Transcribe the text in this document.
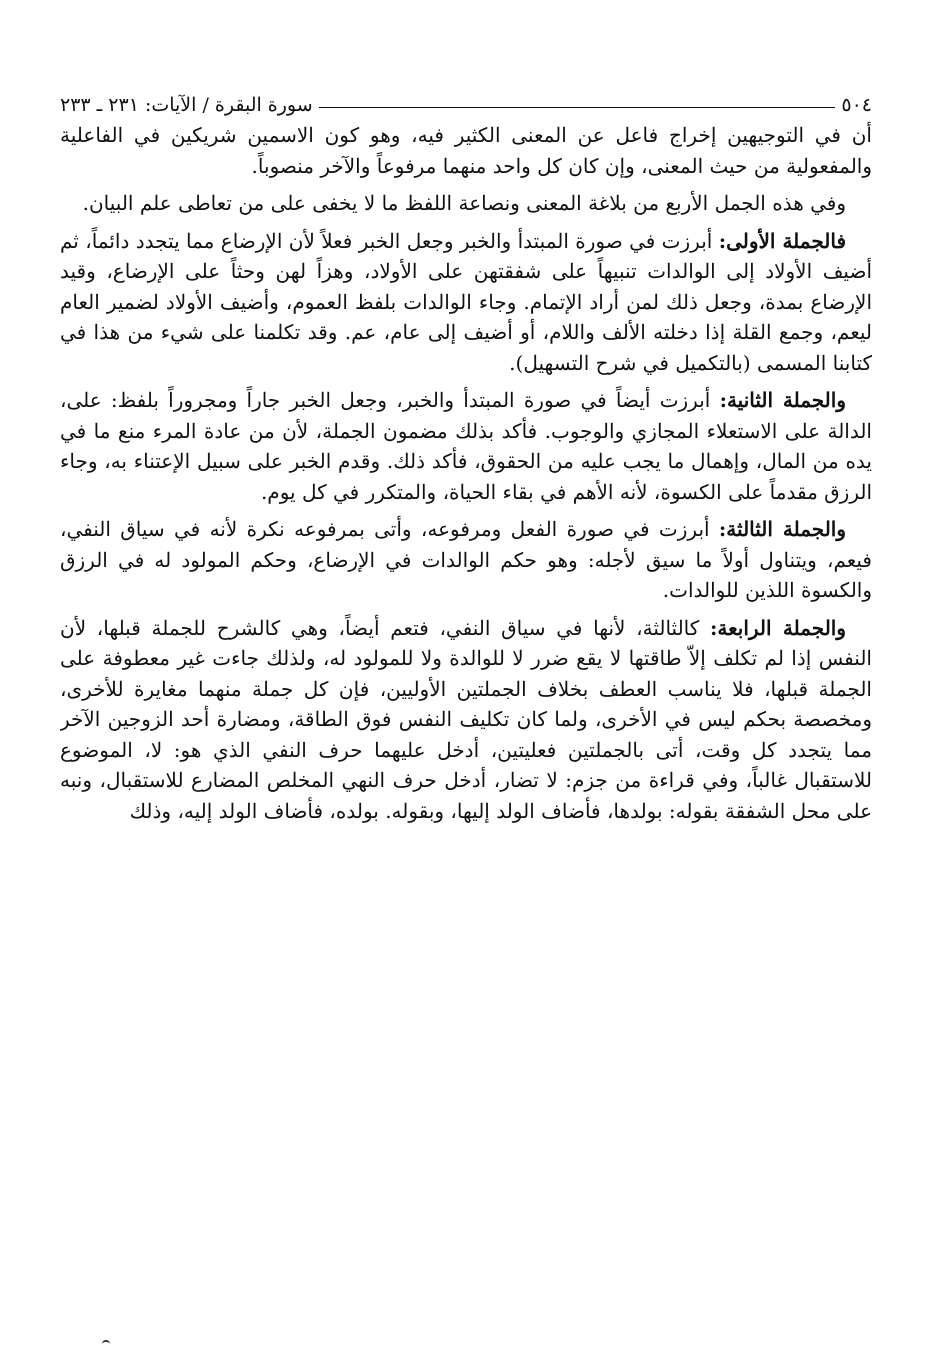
٥٠٤
سورة البقرة / الآيات: ٢٣١ ـ ٢٣٣

أن في التوجيهين إخراج فاعل عن المعنى الكثير فيه، وهو كون الاسمين شريكين في الفاعلية والمفعولية من حيث المعنى، وإن كان كل واحد منهما مرفوعاً والآخر منصوباً.

وفي هذه الجمل الأربع من بلاغة المعنى ونصاعة اللفظ ما لا يخفى على من تعاطى علم البيان.

فالجملة الأولى: أبرزت في صورة المبتدأ والخبر وجعل الخبر فعلاً لأن الإرضاع مما يتجدد دائماً، ثم أضيف الأولاد إلى الوالدات تنبيهاً على شفقتهن على الأولاد، وهزاً لهن وحثاً على الإرضاع، وقيد الإرضاع بمدة، وجعل ذلك لمن أراد الإتمام. وجاء الوالدات بلفظ العموم، وأضيف الأولاد لضمير العام ليعم، وجمع القلة إذا دخلته الألف واللام، أو أضيف إلى عام، عم. وقد تكلمنا على شيء من هذا في كتابنا المسمى (بالتكميل في شرح التسهيل).

والجملة الثانية: أبرزت أيضاً في صورة المبتدأ والخبر، وجعل الخبر جاراً ومجروراً بلفظ: على، الدالة على الاستعلاء المجازي والوجوب. فأكد بذلك مضمون الجملة، لأن من عادة المرء منع ما في يده من المال، وإهمال ما يجب عليه من الحقوق، فأكد ذلك. وقدم الخبر على سبيل الإعتناء به، وجاء الرزق مقدماً على الكسوة، لأنه الأهم في بقاء الحياة، والمتكرر في كل يوم.

والجملة الثالثة: أبرزت في صورة الفعل ومرفوعه، وأتى بمرفوعه نكرة لأنه في سياق النفي، فيعم، ويتناول أولاً ما سيق لأجله: وهو حكم الوالدات في الإرضاع، وحكم المولود له في الرزق والكسوة اللذين للوالدات.

والجملة الرابعة: كالثالثة، لأنها في سياق النفي، فتعم أيضاً، وهي كالشرح للجملة قبلها، لأن النفس إذا لم تكلف إلاّ طاقتها لا يقع ضرر لا للوالدة ولا للمولود له، ولذلك جاءت غير معطوفة على الجملة قبلها، فلا يناسب العطف بخلاف الجملتين الأوليين، فإن كل جملة منهما مغايرة للأخرى، ومخصصة بحكم ليس في الأخرى، ولما كان تكليف النفس فوق الطاقة، ومضارة أحد الزوجين الآخر مما يتجدد كل وقت، أتى بالجملتين فعليتين، أدخل عليهما حرف النفي الذي هو: لا، الموضوع للاستقبال غالباً، وفي قراءة من جزم: لا تضار، أدخل حرف النهي المخلص المضارع للاستقبال، ونبه على محل الشفقة بقوله: بولدها، فأضاف الولد إليها، وبقوله. بولده، فأضاف الولد إليه، وذلك
